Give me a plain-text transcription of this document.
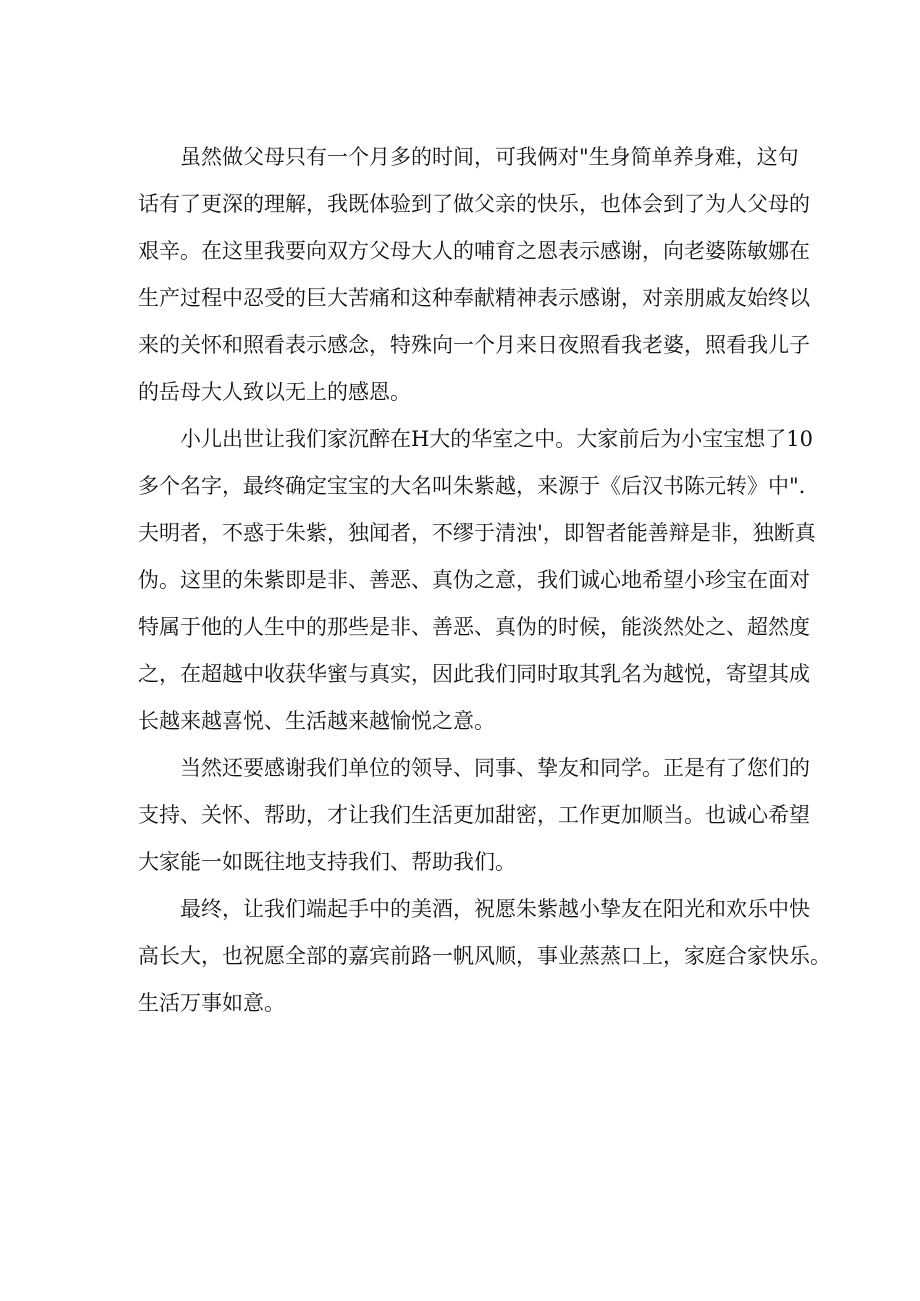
虽然做父母只有一个月多的时间，可我俩对"生身简单养身难，这句
话有了更深的理解，我既体验到了做父亲的快乐，也体会到了为人父母的
艰辛。在这里我要向双方父母大人的哺育之恩表示感谢，向老婆陈敏娜在
生产过程中忍受的巨大苦痛和这种奉献精神表示感谢，对亲朋戚友始终以
来的关怀和照看表示感念，特殊向一个月来日夜照看我老婆，照看我儿子
的岳母大人致以无上的感恩。
小儿出世让我们家沉醉在H大的华室之中。大家前后为小宝宝想了10
多个名字，最终确定宝宝的大名叫朱紫越，来源于《后汉书陈元转》中".
夫明者，不惑于朱紫，独闻者，不缪于清浊'，即智者能善辩是非，独断真
伪。这里的朱紫即是非、善恶、真伪之意，我们诚心地希望小珍宝在面对
特属于他的人生中的那些是非、善恶、真伪的时候，能淡然处之、超然度
之，在超越中收获华蜜与真实，因此我们同时取其乳名为越悦，寄望其成
长越来越喜悦、生活越来越愉悦之意。
当然还要感谢我们单位的领导、同事、挚友和同学。正是有了您们的
支持、关怀、帮助，才让我们生活更加甜密，工作更加顺当。也诚心希望
大家能一如既往地支持我们、帮助我们。
最终，让我们端起手中的美酒，祝愿朱紫越小挚友在阳光和欢乐中快
高长大，也祝愿全部的嘉宾前路一帆风顺，事业蒸蒸口上，家庭合家快乐。
生活万事如意。
